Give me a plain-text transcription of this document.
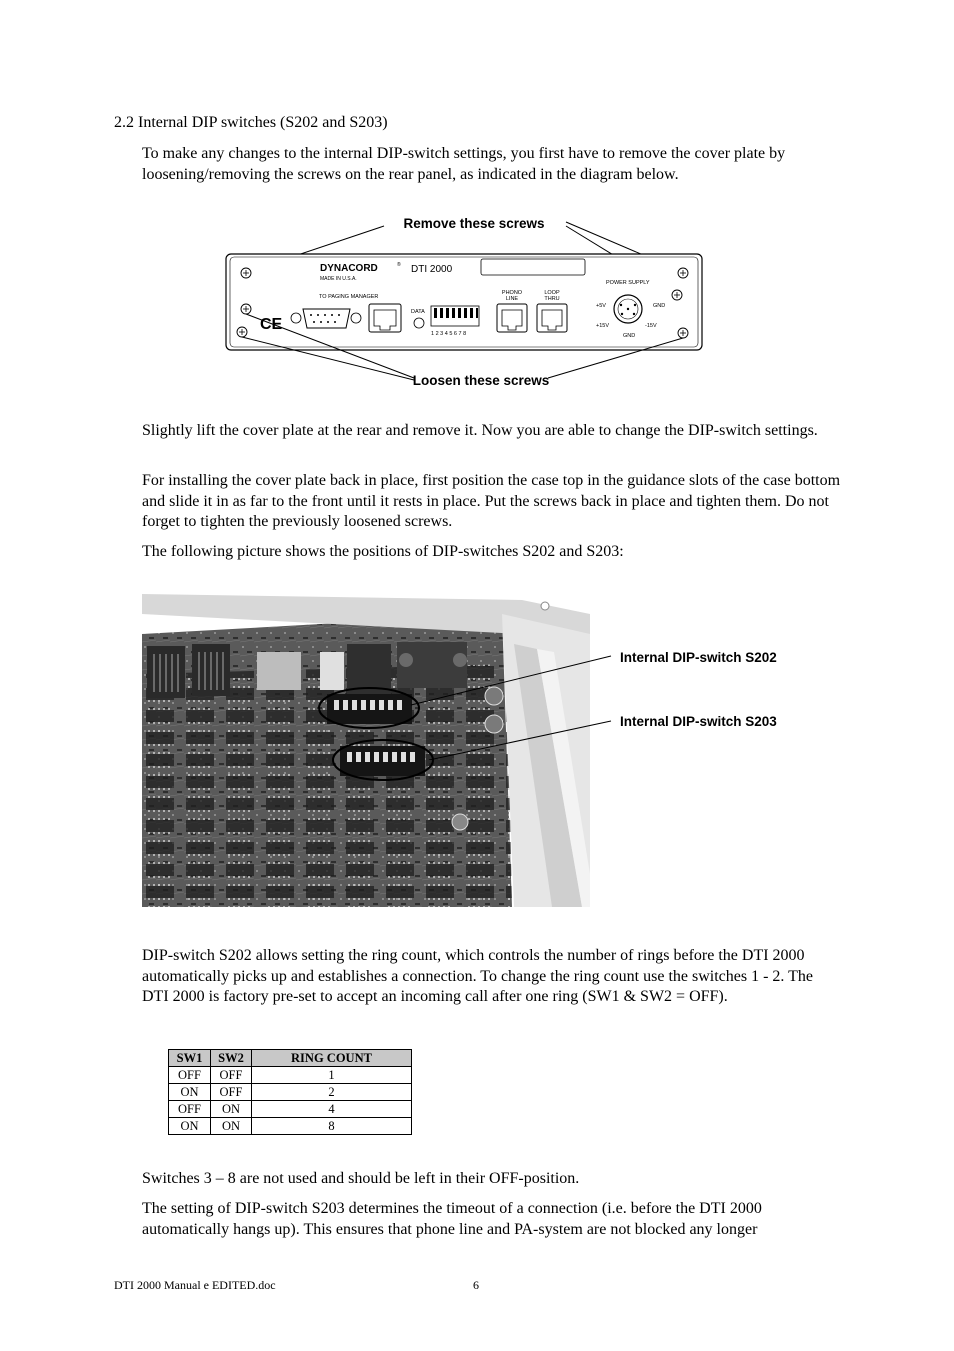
2.2 Internal DIP switches (S202 and S203)
To make any changes to the internal DIP-switch settings, you first have to remove the cover plate by loosening/removing the screws on the rear panel, as indicated in the diagram below.
Remove these screws
DYNACORD	®
MADE IN U.S.A.
DTI 2000
CE
TO PAGING MANAGER
DATA
1 2 3 4 5 6 7 8
PHONO
LINE
LOOP
THRU
POWER SUPPLY
+5V	GND
+15V	-15V
GND
Loosen these screws
Slightly lift the cover plate at the rear and remove it. Now you are able to change the DIP-switch settings.
For installing the cover plate back in place, first position the case top in the guidance slots of the case bottom and slide it in as far to the front until it rests in place. Put the screws back in place and tighten them. Do not forget to tighten the previously loosened screws.
The following picture shows the positions of DIP-switches S202 and S203:
Internal DIP-switch S202
Internal DIP-switch S203
DIP-switch S202 allows setting the ring count, which controls the number of rings before the DTI 2000 automatically picks up and establishes a connection. To change the ring count use the switches 1 - 2. The DTI 2000 is factory pre-set to accept an incoming call after one ring (SW1 & SW2 = OFF).
SW1	SW2	RING COUNT
OFF	OFF	1
ON	OFF	2
OFF	ON	4
ON	ON	8
Switches 3 – 8 are not used and should be left in their OFF-position.
The setting of DIP-switch S203 determines the timeout of a connection (i.e. before the DTI 2000 automatically hangs up). This ensures that phone line and PA-system are not blocked any longer
DTI 2000 Manual e EDITED.doc	6
